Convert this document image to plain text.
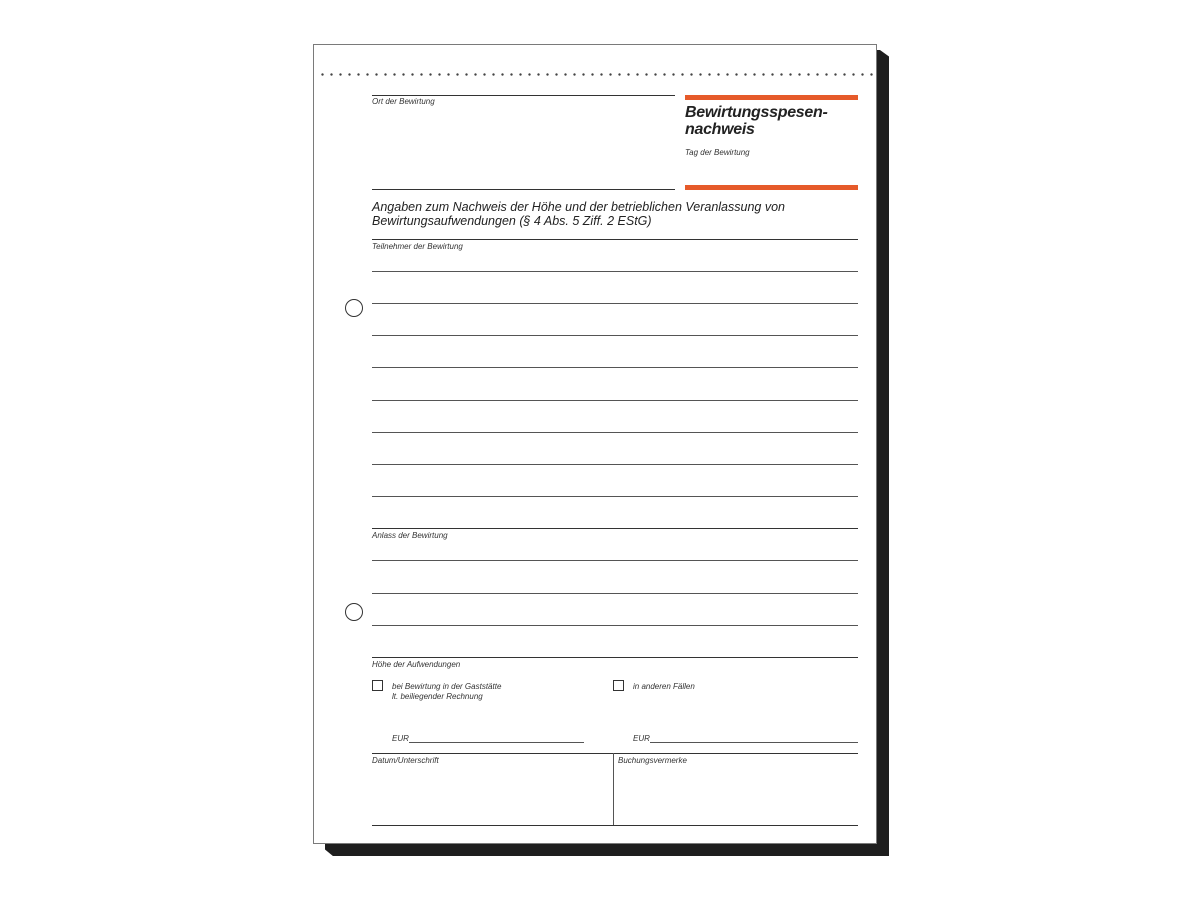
Ort der Bewirtung
Bewirtungsspesen-
nachweis
Tag der Bewirtung
Angaben zum Nachweis der Höhe und der betrieblichen Veranlassung von
Bewirtungsaufwendungen (§ 4 Abs. 5 Ziff. 2 EStG)
Teilnehmer der Bewirtung
Anlass der Bewirtung
Höhe der Aufwendungen
bei Bewirtung in der Gaststätte
lt. beiliegender Rechnung
in anderen Fällen
EUR	EUR
Datum/Unterschrift	Buchungsvermerke
